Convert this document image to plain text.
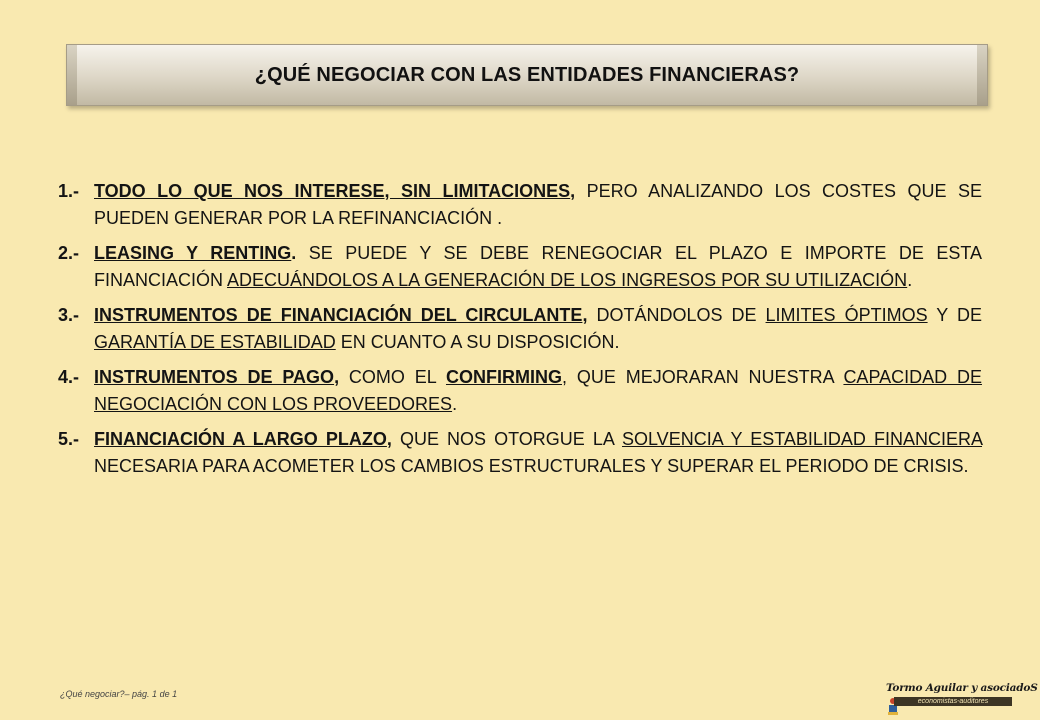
¿QUÉ NEGOCIAR CON LAS ENTIDADES FINANCIERAS?
1.- TODO LO QUE NOS INTERESE, SIN LIMITACIONES, PERO ANALIZANDO LOS COSTES QUE SE PUEDEN GENERAR POR LA REFINANCIACIÓN .
2.- LEASING Y RENTING. SE PUEDE Y SE DEBE RENEGOCIAR EL PLAZO E IMPORTE DE ESTA FINANCIACIÓN ADECUÁNDOLOS A LA GENERACIÓN DE LOS INGRESOS POR SU UTILIZACIÓN.
3.- INSTRUMENTOS DE FINANCIACIÓN DEL CIRCULANTE, DOTÁNDOLOS DE LIMITES ÓPTIMOS Y DE GARANTÍA DE ESTABILIDAD EN CUANTO A SU DISPOSICIÓN.
4.- INSTRUMENTOS DE PAGO, COMO EL CONFIRMING, QUE MEJORARAN NUESTRA CAPACIDAD DE NEGOCIACIÓN CON LOS PROVEEDORES.
5.- FINANCIACIÓN A LARGO PLAZO, QUE NOS OTORGUE LA SOLVENCIA Y ESTABILIDAD FINANCIERA NECESARIA PARA ACOMETER LOS CAMBIOS ESTRUCTURALES Y SUPERAR EL PERIODO DE CRISIS.
¿Qué negociar?– pág. 1 de 1	Tormo Aguilar y asociadoS
economistas-auditores
